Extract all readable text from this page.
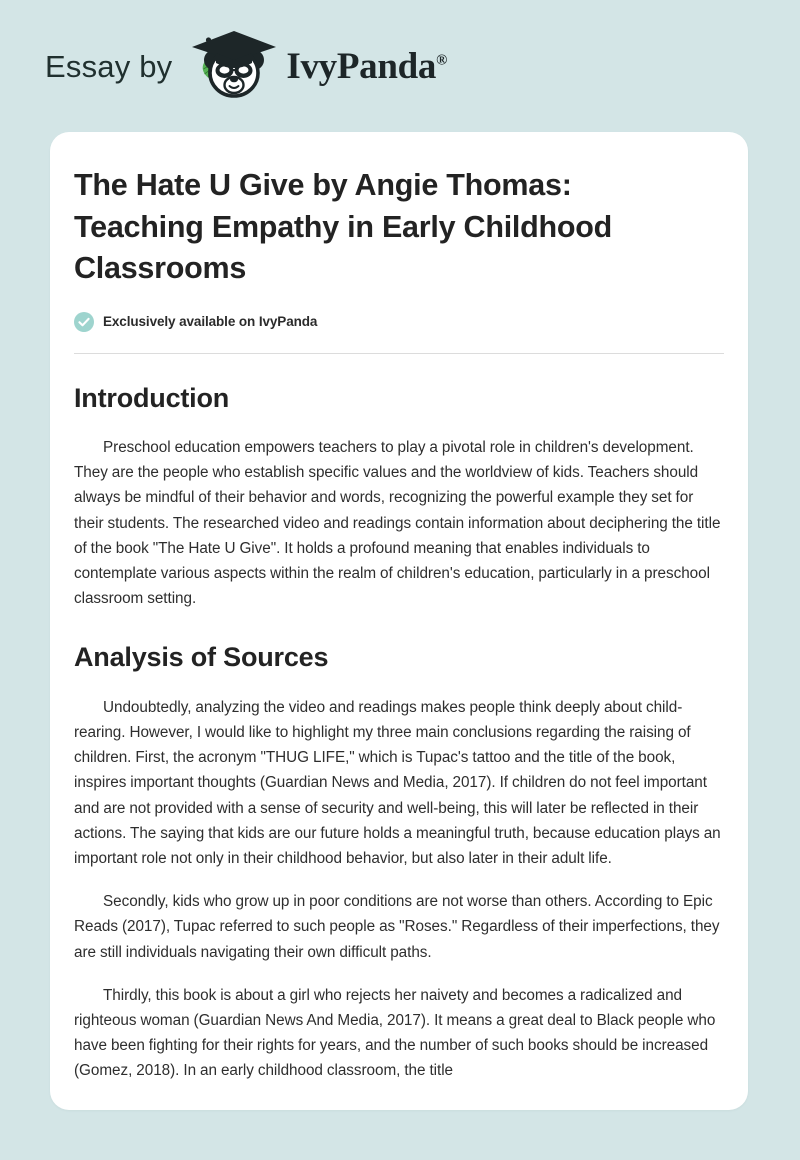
Essay by	IvyPanda®
The Hate U Give by Angie Thomas: Teaching Empathy in Early Childhood Classrooms
Exclusively available on IvyPanda
Introduction

Preschool education empowers teachers to play a pivotal role in children's development. They are the people who establish specific values and the worldview of kids. Teachers should always be mindful of their behavior and words, recognizing the powerful example they set for their students. The researched video and readings contain information about deciphering the title of the book "The Hate U Give". It holds a profound meaning that enables individuals to contemplate various aspects within the realm of children's education, particularly in a preschool classroom setting.

Analysis of Sources

Undoubtedly, analyzing the video and readings makes people think deeply about child-rearing. However, I would like to highlight my three main conclusions regarding the raising of children. First, the acronym "THUG LIFE," which is Tupac's tattoo and the title of the book, inspires important thoughts (Guardian News and Media, 2017). If children do not feel important and are not provided with a sense of security and well-being, this will later be reflected in their actions. The saying that kids are our future holds a meaningful truth, because education plays an important role not only in their childhood behavior, but also later in their adult life.

Secondly, kids who grow up in poor conditions are not worse than others. According to Epic Reads (2017), Tupac referred to such people as "Roses." Regardless of their imperfections, they are still individuals navigating their own difficult paths.

Thirdly, this book is about a girl who rejects her naivety and becomes a radicalized and righteous woman (Guardian News And Media, 2017). It means a great deal to Black people who have been fighting for their rights for years, and the number of such books should be increased (Gomez, 2018). In an early childhood classroom, the title
